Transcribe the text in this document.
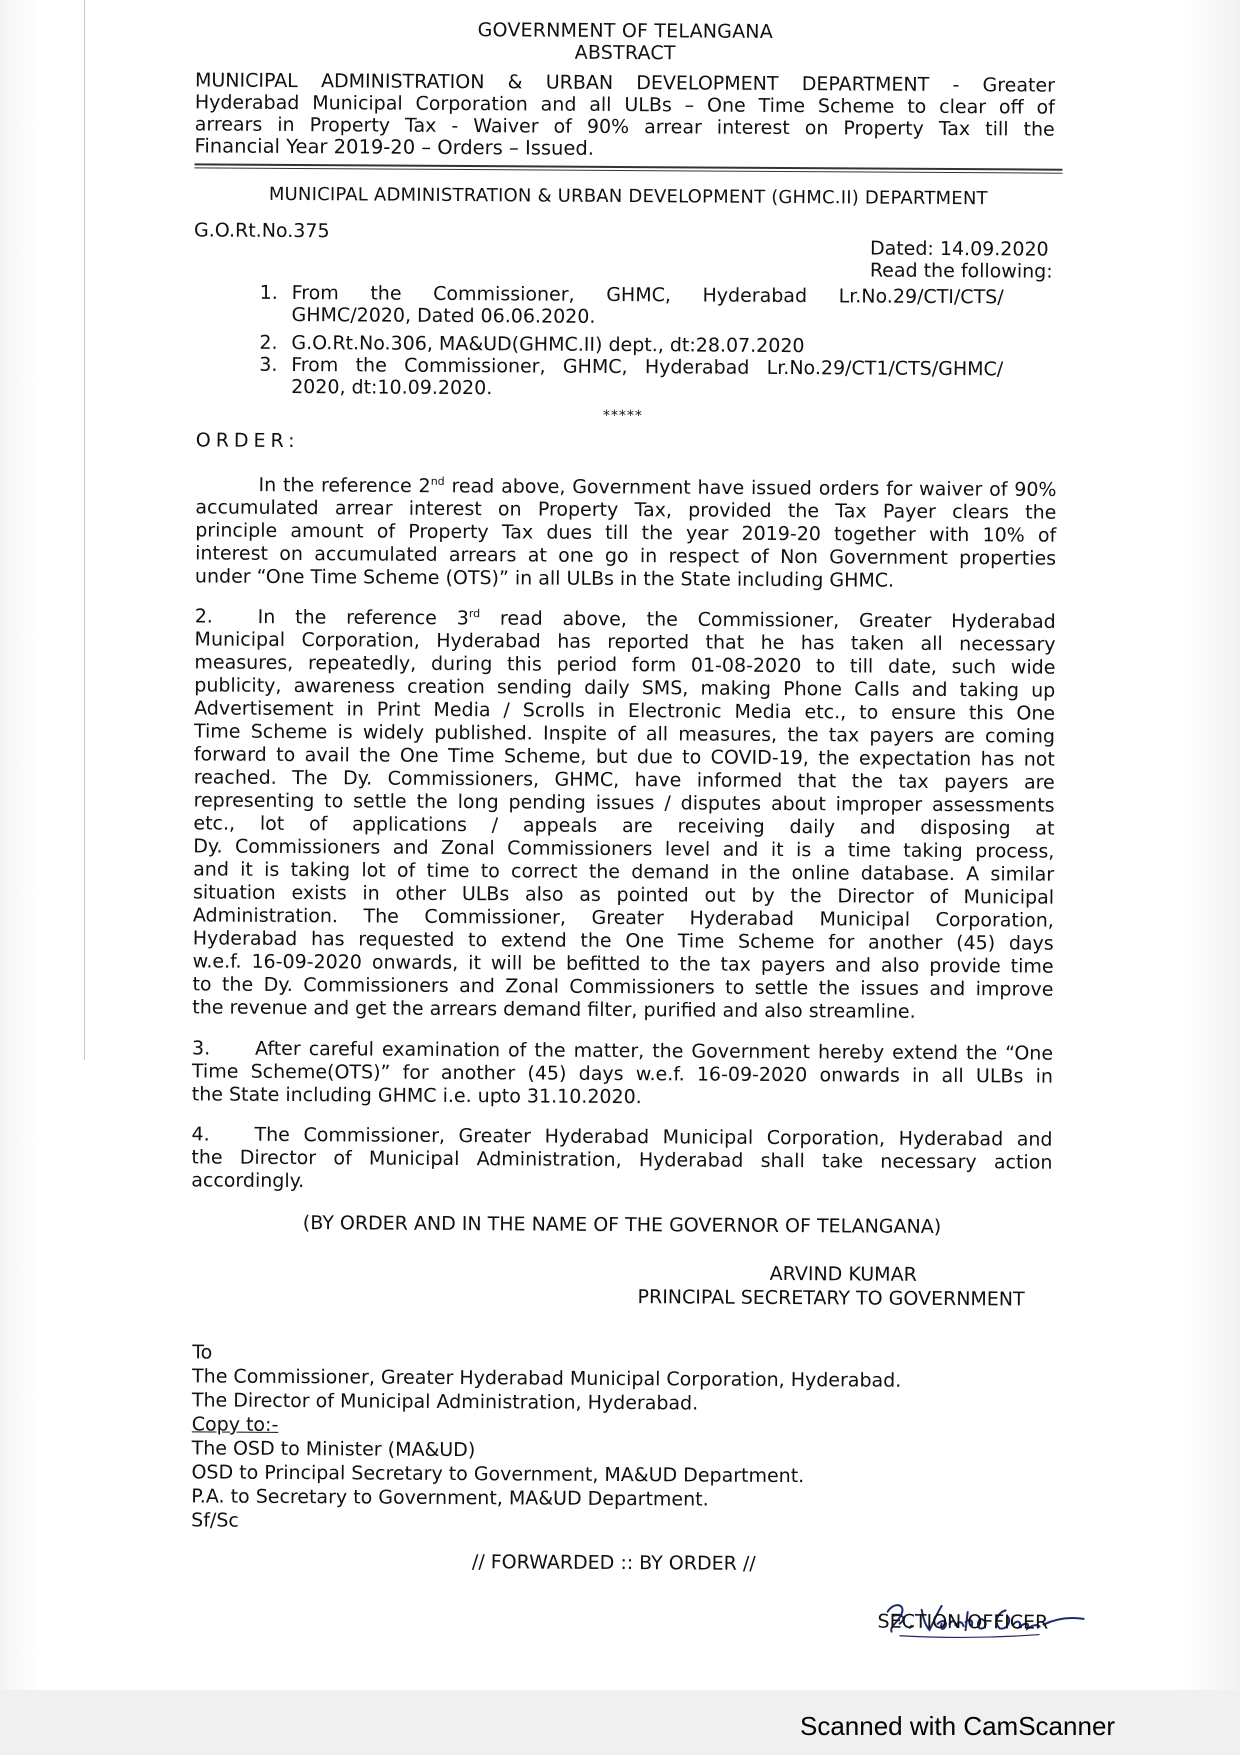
GOVERNMENT OF TELANGANA
ABSTRACT
MUNICIPAL ADMINISTRATION & URBAN DEVELOPMENT DEPARTMENT - Greater
Hyderabad Municipal Corporation and all ULBs – One Time Scheme to clear off of
arrears in Property Tax - Waiver of 90% arrear interest on Property Tax till the
Financial Year 2019-20 – Orders – Issued.
MUNICIPAL ADMINISTRATION & URBAN DEVELOPMENT (GHMC.II) DEPARTMENT
G.O.Rt.No.375
Dated: 14.09.2020
Read the following:
1. From the Commissioner, GHMC, Hyderabad Lr.No.29/CTI/CTS/
GHMC/2020, Dated 06.06.2020.
2. G.O.Rt.No.306, MA&UD(GHMC.II) dept., dt:28.07.2020
3. From the Commissioner, GHMC, Hyderabad Lr.No.29/CT1/CTS/GHMC/
2020, dt:10.09.2020.
*****
ORDER:
In the reference 2nd read above, Government have issued orders for waiver of 90%
accumulated arrear interest on Property Tax, provided the Tax Payer clears the
principle amount of Property Tax dues till the year 2019-20 together with 10% of
interest on accumulated arrears at one go in respect of Non Government properties
under “One Time Scheme (OTS)” in all ULBs in the State including GHMC.
2. In the reference 3rd read above, the Commissioner, Greater Hyderabad
Municipal Corporation, Hyderabad has reported that he has taken all necessary
measures, repeatedly, during this period form 01-08-2020 to till date, such wide
publicity, awareness creation sending daily SMS, making Phone Calls and taking up
Advertisement in Print Media / Scrolls in Electronic Media etc., to ensure this One
Time Scheme is widely published. Inspite of all measures, the tax payers are coming
forward to avail the One Time Scheme, but due to COVID-19, the expectation has not
reached. The Dy. Commissioners, GHMC, have informed that the tax payers are
representing to settle the long pending issues / disputes about improper assessments
etc., lot of applications / appeals are receiving daily and disposing at
Dy. Commissioners and Zonal Commissioners level and it is a time taking process,
and it is taking lot of time to correct the demand in the online database. A similar
situation exists in other ULBs also as pointed out by the Director of Municipal
Administration. The Commissioner, Greater Hyderabad Municipal Corporation,
Hyderabad has requested to extend the One Time Scheme for another (45) days
w.e.f. 16-09-2020 onwards, it will be befitted to the tax payers and also provide time
to the Dy. Commissioners and Zonal Commissioners to settle the issues and improve
the revenue and get the arrears demand filter, purified and also streamline.
3. After careful examination of the matter, the Government hereby extend the “One
Time Scheme(OTS)” for another (45) days w.e.f. 16-09-2020 onwards in all ULBs in
the State including GHMC i.e. upto 31.10.2020.
4. The Commissioner, Greater Hyderabad Municipal Corporation, Hyderabad and
the Director of Municipal Administration, Hyderabad shall take necessary action
accordingly.
(BY ORDER AND IN THE NAME OF THE GOVERNOR OF TELANGANA)
ARVIND KUMAR
PRINCIPAL SECRETARY TO GOVERNMENT
To
The Commissioner, Greater Hyderabad Municipal Corporation, Hyderabad.
The Director of Municipal Administration, Hyderabad.
Copy to:-
The OSD to Minister (MA&UD)
OSD to Principal Secretary to Government, MA&UD Department.
P.A. to Secretary to Government, MA&UD Department.
Sf/Sc
// FORWARDED :: BY ORDER //
SECTION OFFICER
Scanned with CamScanner
